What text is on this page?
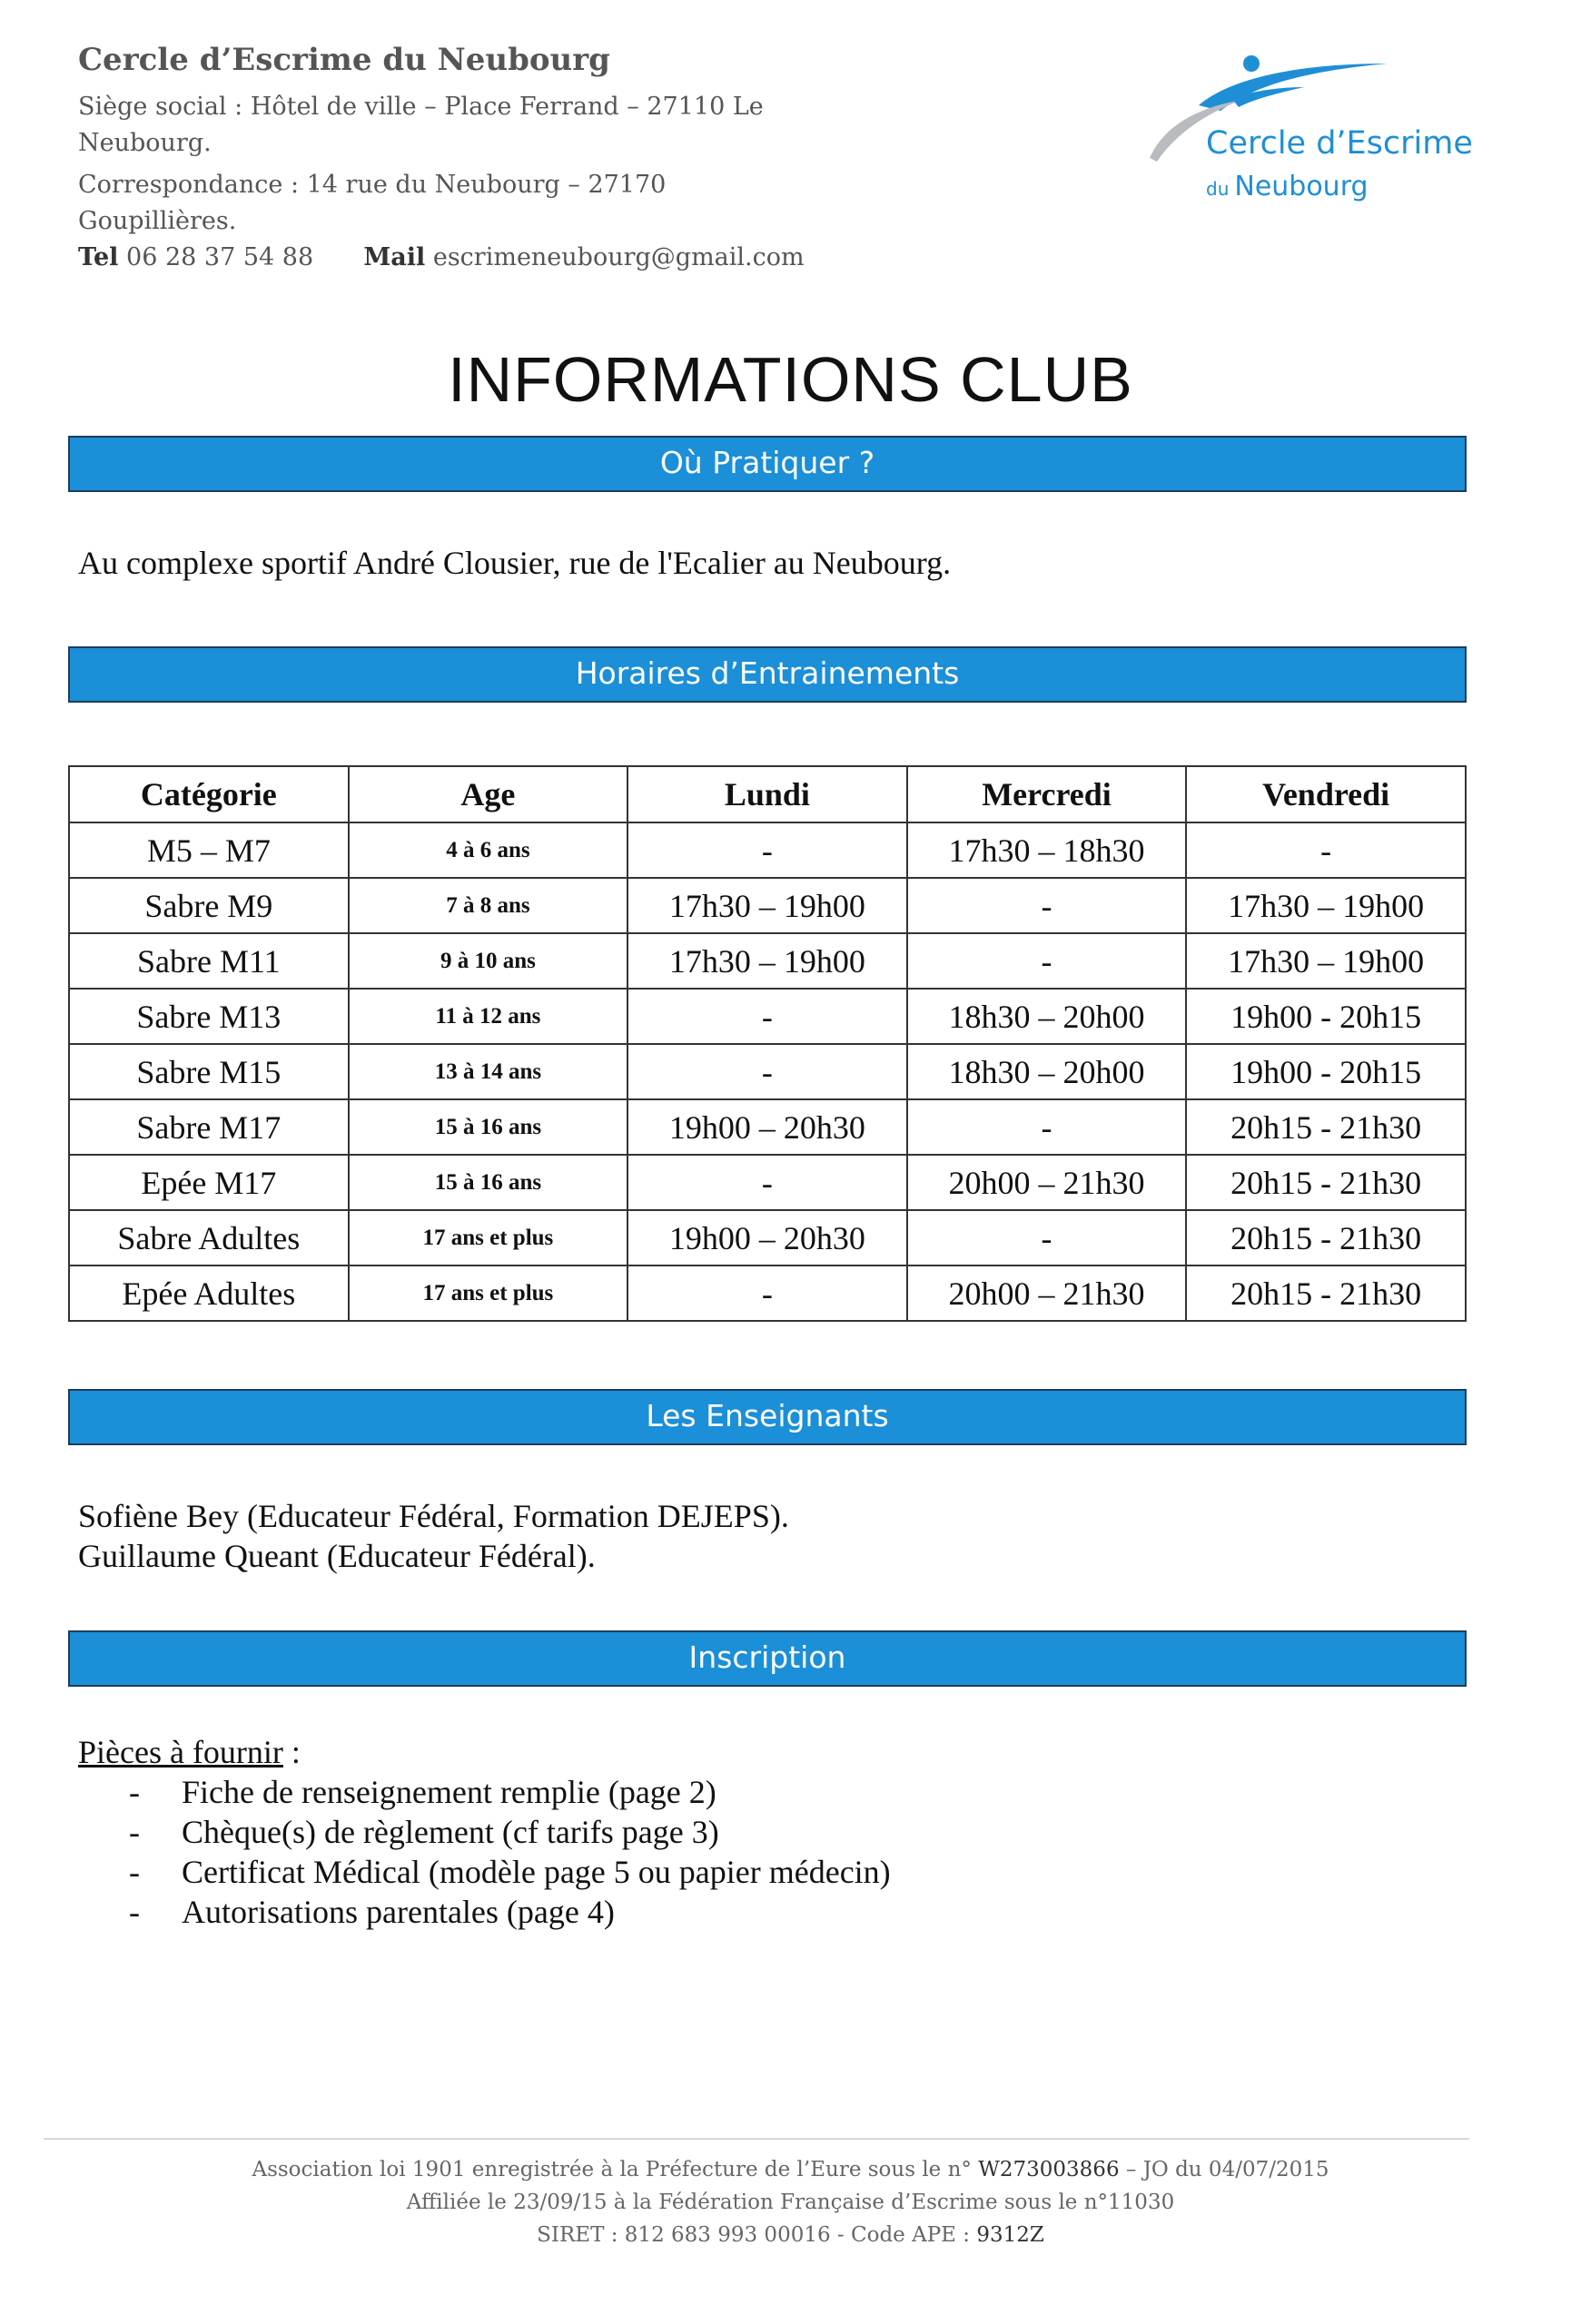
Cercle d’Escrime du Neubourg
Siège social : Hôtel de ville – Place Ferrand – 27110 Le
Neubourg.
Correspondance : 14 rue du Neubourg – 27170
Goupillières.
Tel 06 28 37 54 88 Mail escrimeneubourg@gmail.com
Cercle d’Escrime
du Neubourg
INFORMATIONS CLUB
Où Pratiquer ?
Au complexe sportif André Clousier, rue de l'Ecalier au Neubourg.
Horaires d’Entrainements
Catégorie	Age	Lundi	Mercredi	Vendredi
M5 – M7	4 à 6 ans	-	17h30 – 18h30	-
Sabre M9	7 à 8 ans	17h30 – 19h00	-	17h30 – 19h00
Sabre M11	9 à 10 ans	17h30 – 19h00	-	17h30 – 19h00
Sabre M13	11 à 12 ans	-	18h30 – 20h00	19h00 - 20h15
Sabre M15	13 à 14 ans	-	18h30 – 20h00	19h00 - 20h15
Sabre M17	15 à 16 ans	19h00 – 20h30	-	20h15 - 21h30
Epée M17	15 à 16 ans	-	20h00 – 21h30	20h15 - 21h30
Sabre Adultes	17 ans et plus	19h00 – 20h30	-	20h15 - 21h30
Epée Adultes	17 ans et plus	-	20h00 – 21h30	20h15 - 21h30
Les Enseignants
Sofiène Bey (Educateur Fédéral, Formation DEJEPS).
Guillaume Queant (Educateur Fédéral).
Inscription
Pièces à fournir :
- Fiche de renseignement remplie (page 2)
- Chèque(s) de règlement (cf tarifs page 3)
- Certificat Médical (modèle page 5 ou papier médecin)
- Autorisations parentales (page 4)
Association loi 1901 enregistrée à la Préfecture de l’Eure sous le n° W273003866 – JO du 04/07/2015
Affiliée le 23/09/15 à la Fédération Française d’Escrime sous le n°11030
SIRET : 812 683 993 00016 - Code APE : 9312Z
